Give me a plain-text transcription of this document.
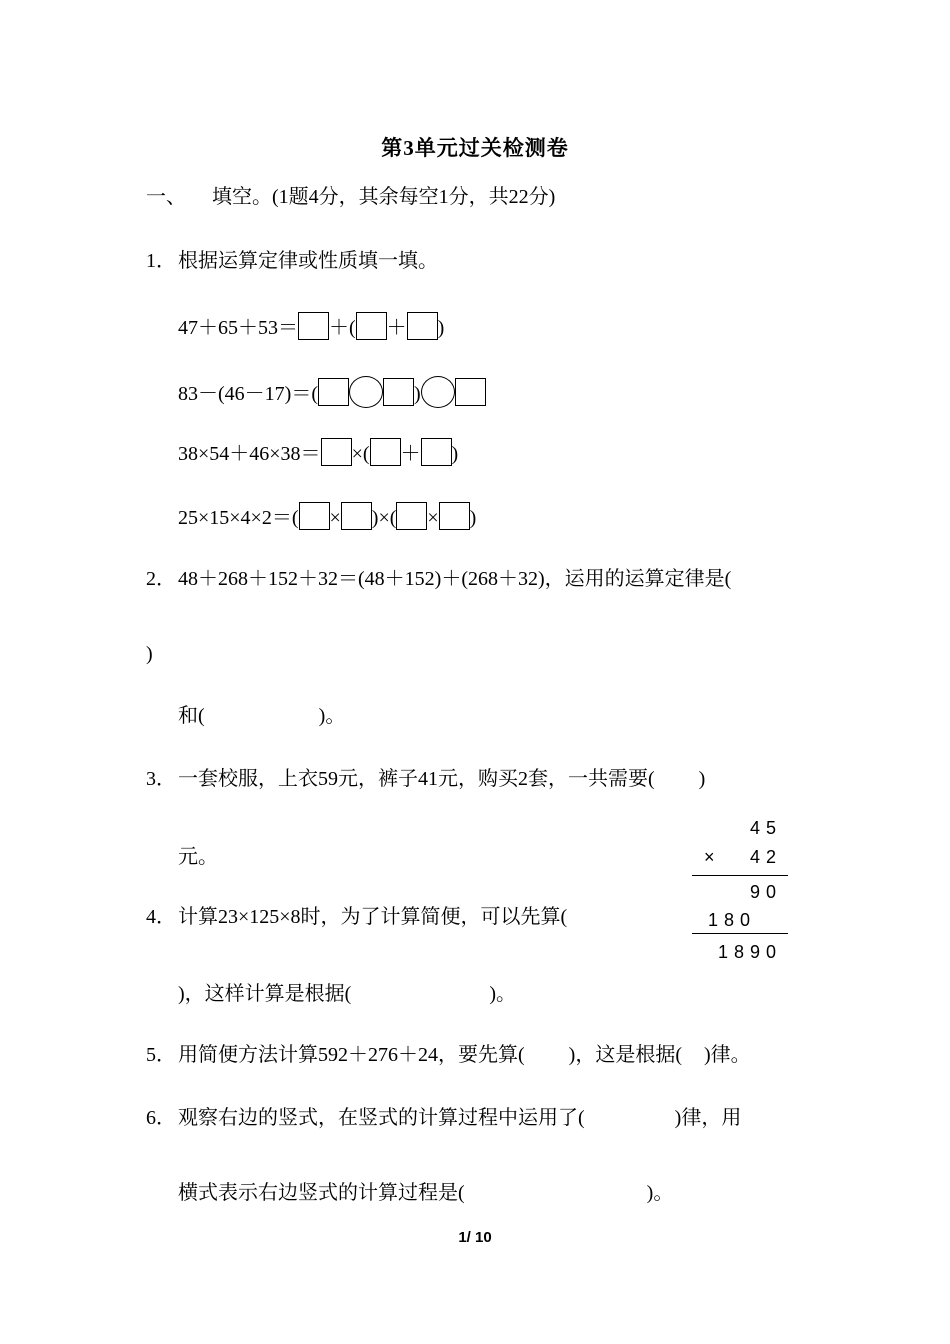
第3单元过关检测卷
一、 填空。(1题4分，其余每空1分，共22分)
1． 根据运算定律或性质填一填。
47＋65＋53＝ ＋( ＋ )
83－(46－17)＝(	)
38×54＋46×38＝ ×( ＋ )
25×15×4×2＝( × )×( × )
2． 48＋268＋152＋32＝(48＋152)＋(268＋32)，运用的运算定律是(
)
和(	)。
3． 一套校服，上衣59元，裤子41元，购买2套，一共需要( )
元。
45
× 42
90
180
1890
4． 计算23×125×8时，为了计算简便，可以先算(
)，这样计算是根据(	)。
5． 用简便方法计算592＋276＋24，要先算( )，这是根据( )律。
6． 观察右边的竖式，在竖式的计算过程中运用了(	)律，用
横式表示右边竖式的计算过程是(	)。
1/ 10
